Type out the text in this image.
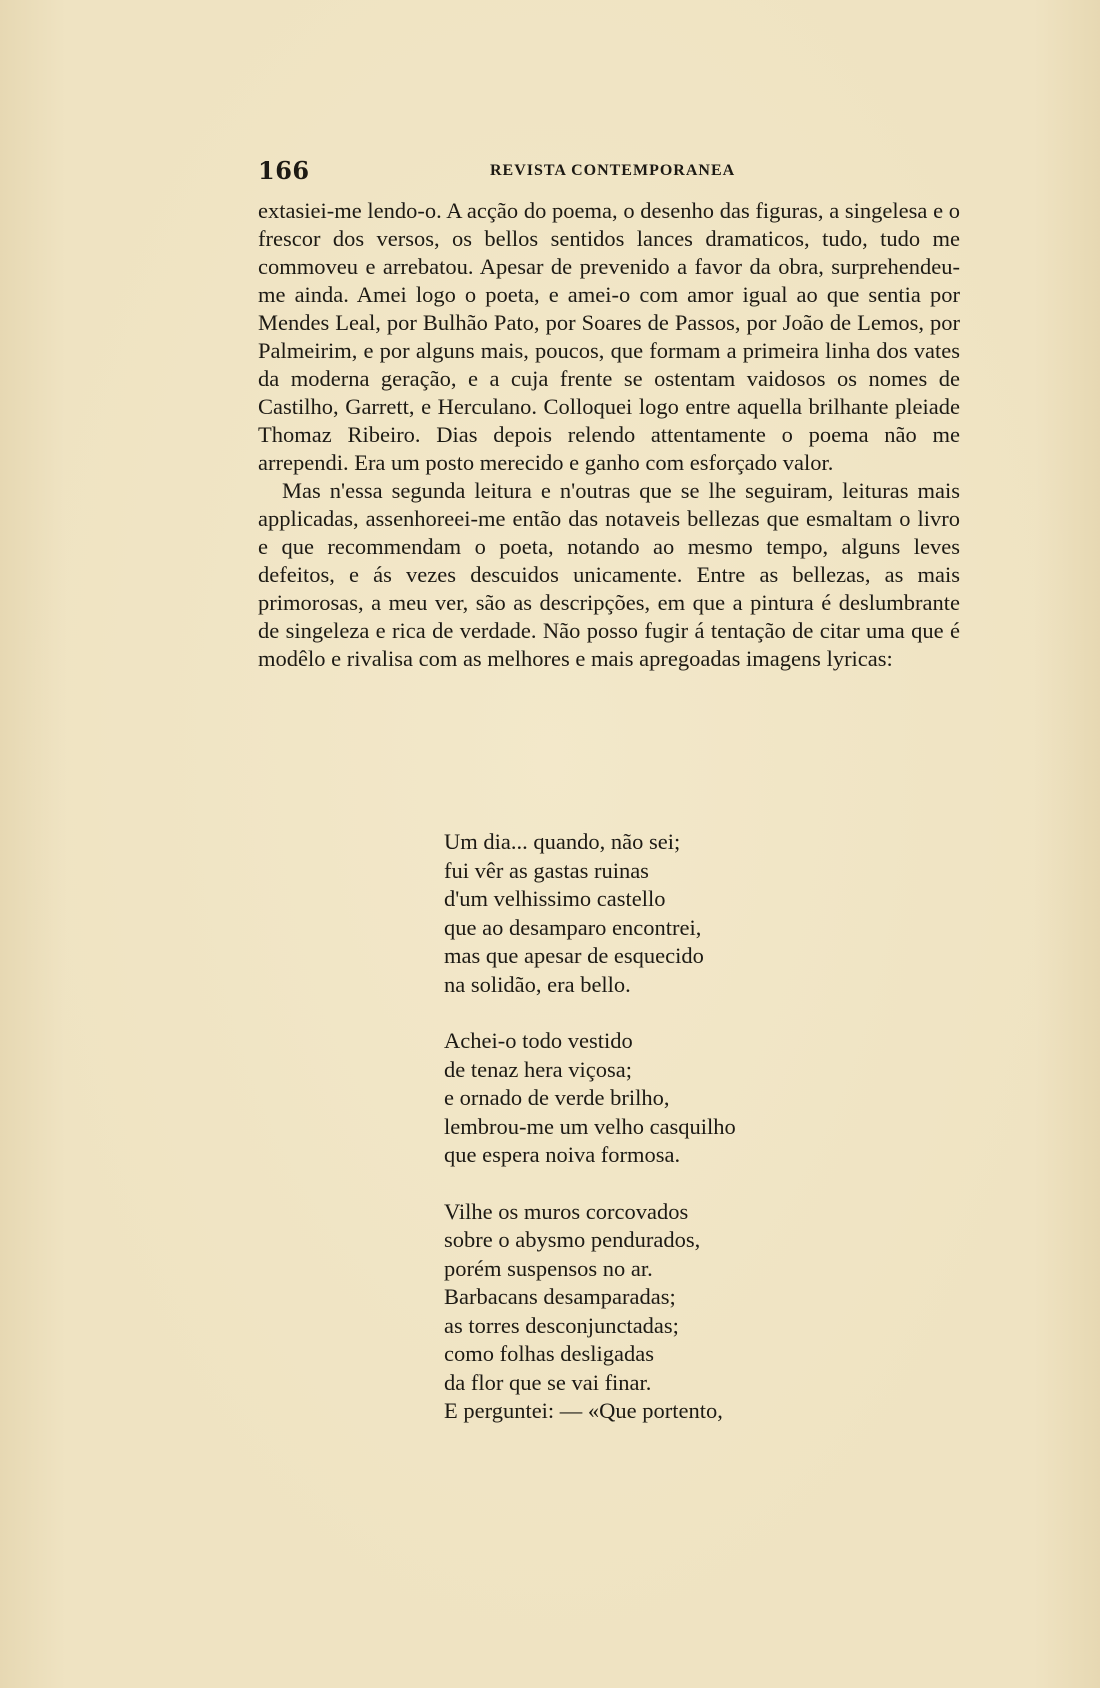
166	REVISTA CONTEMPORANEA

extasiei-me lendo-o. A acção do poema, o desenho das figuras, a singelesa e o frescor dos versos, os bellos sentidos lances dramaticos, tudo, tudo me commoveu e arrebatou. Apesar de prevenido a favor da obra, surprehendeu-me ainda. Amei logo o poeta, e amei-o com amor igual ao que sentia por Mendes Leal, por Bulhão Pato, por Soares de Passos, por João de Lemos, por Palmeirim, e por alguns mais, poucos, que formam a primeira linha dos vates da moderna geração, e a cuja frente se ostentam vaidosos os nomes de Castilho, Garrett, e Herculano. Colloquei logo entre aquella brilhante pleiade Thomaz Ribeiro. Dias depois relendo attentamente o poema não me arrependi. Era um posto merecido e ganho com esforçado valor.

Mas n'essa segunda leitura e n'outras que se lhe seguiram, leituras mais applicadas, assenhoreei-me então das notaveis bellezas que esmaltam o livro e que recommendam o poeta, notando ao mesmo tempo, alguns leves defeitos, e ás vezes descuidos unicamente. Entre as bellezas, as mais primorosas, a meu ver, são as descripções, em que a pintura é deslumbrante de singeleza e rica de verdade. Não posso fugir á tentação de citar uma que é modêlo e rivalisa com as melhores e mais apregoadas imagens lyricas:

Um dia... quando, não sei;
fui vêr as gastas ruinas
d'um velhissimo castello
que ao desamparo encontrei,
mas que apesar de esquecido
na solidão, era bello.
Achei-o todo vestido
de tenaz hera viçosa;
e ornado de verde brilho,
lembrou-me um velho casquilho
que espera noiva formosa.
Vilhe os muros corcovados
sobre o abysmo pendurados,
porém suspensos no ar.
Barbacans desamparadas;
as torres desconjunctadas;
como folhas desligadas
da flor que se vai finar.
E perguntei: — «Que portento,
